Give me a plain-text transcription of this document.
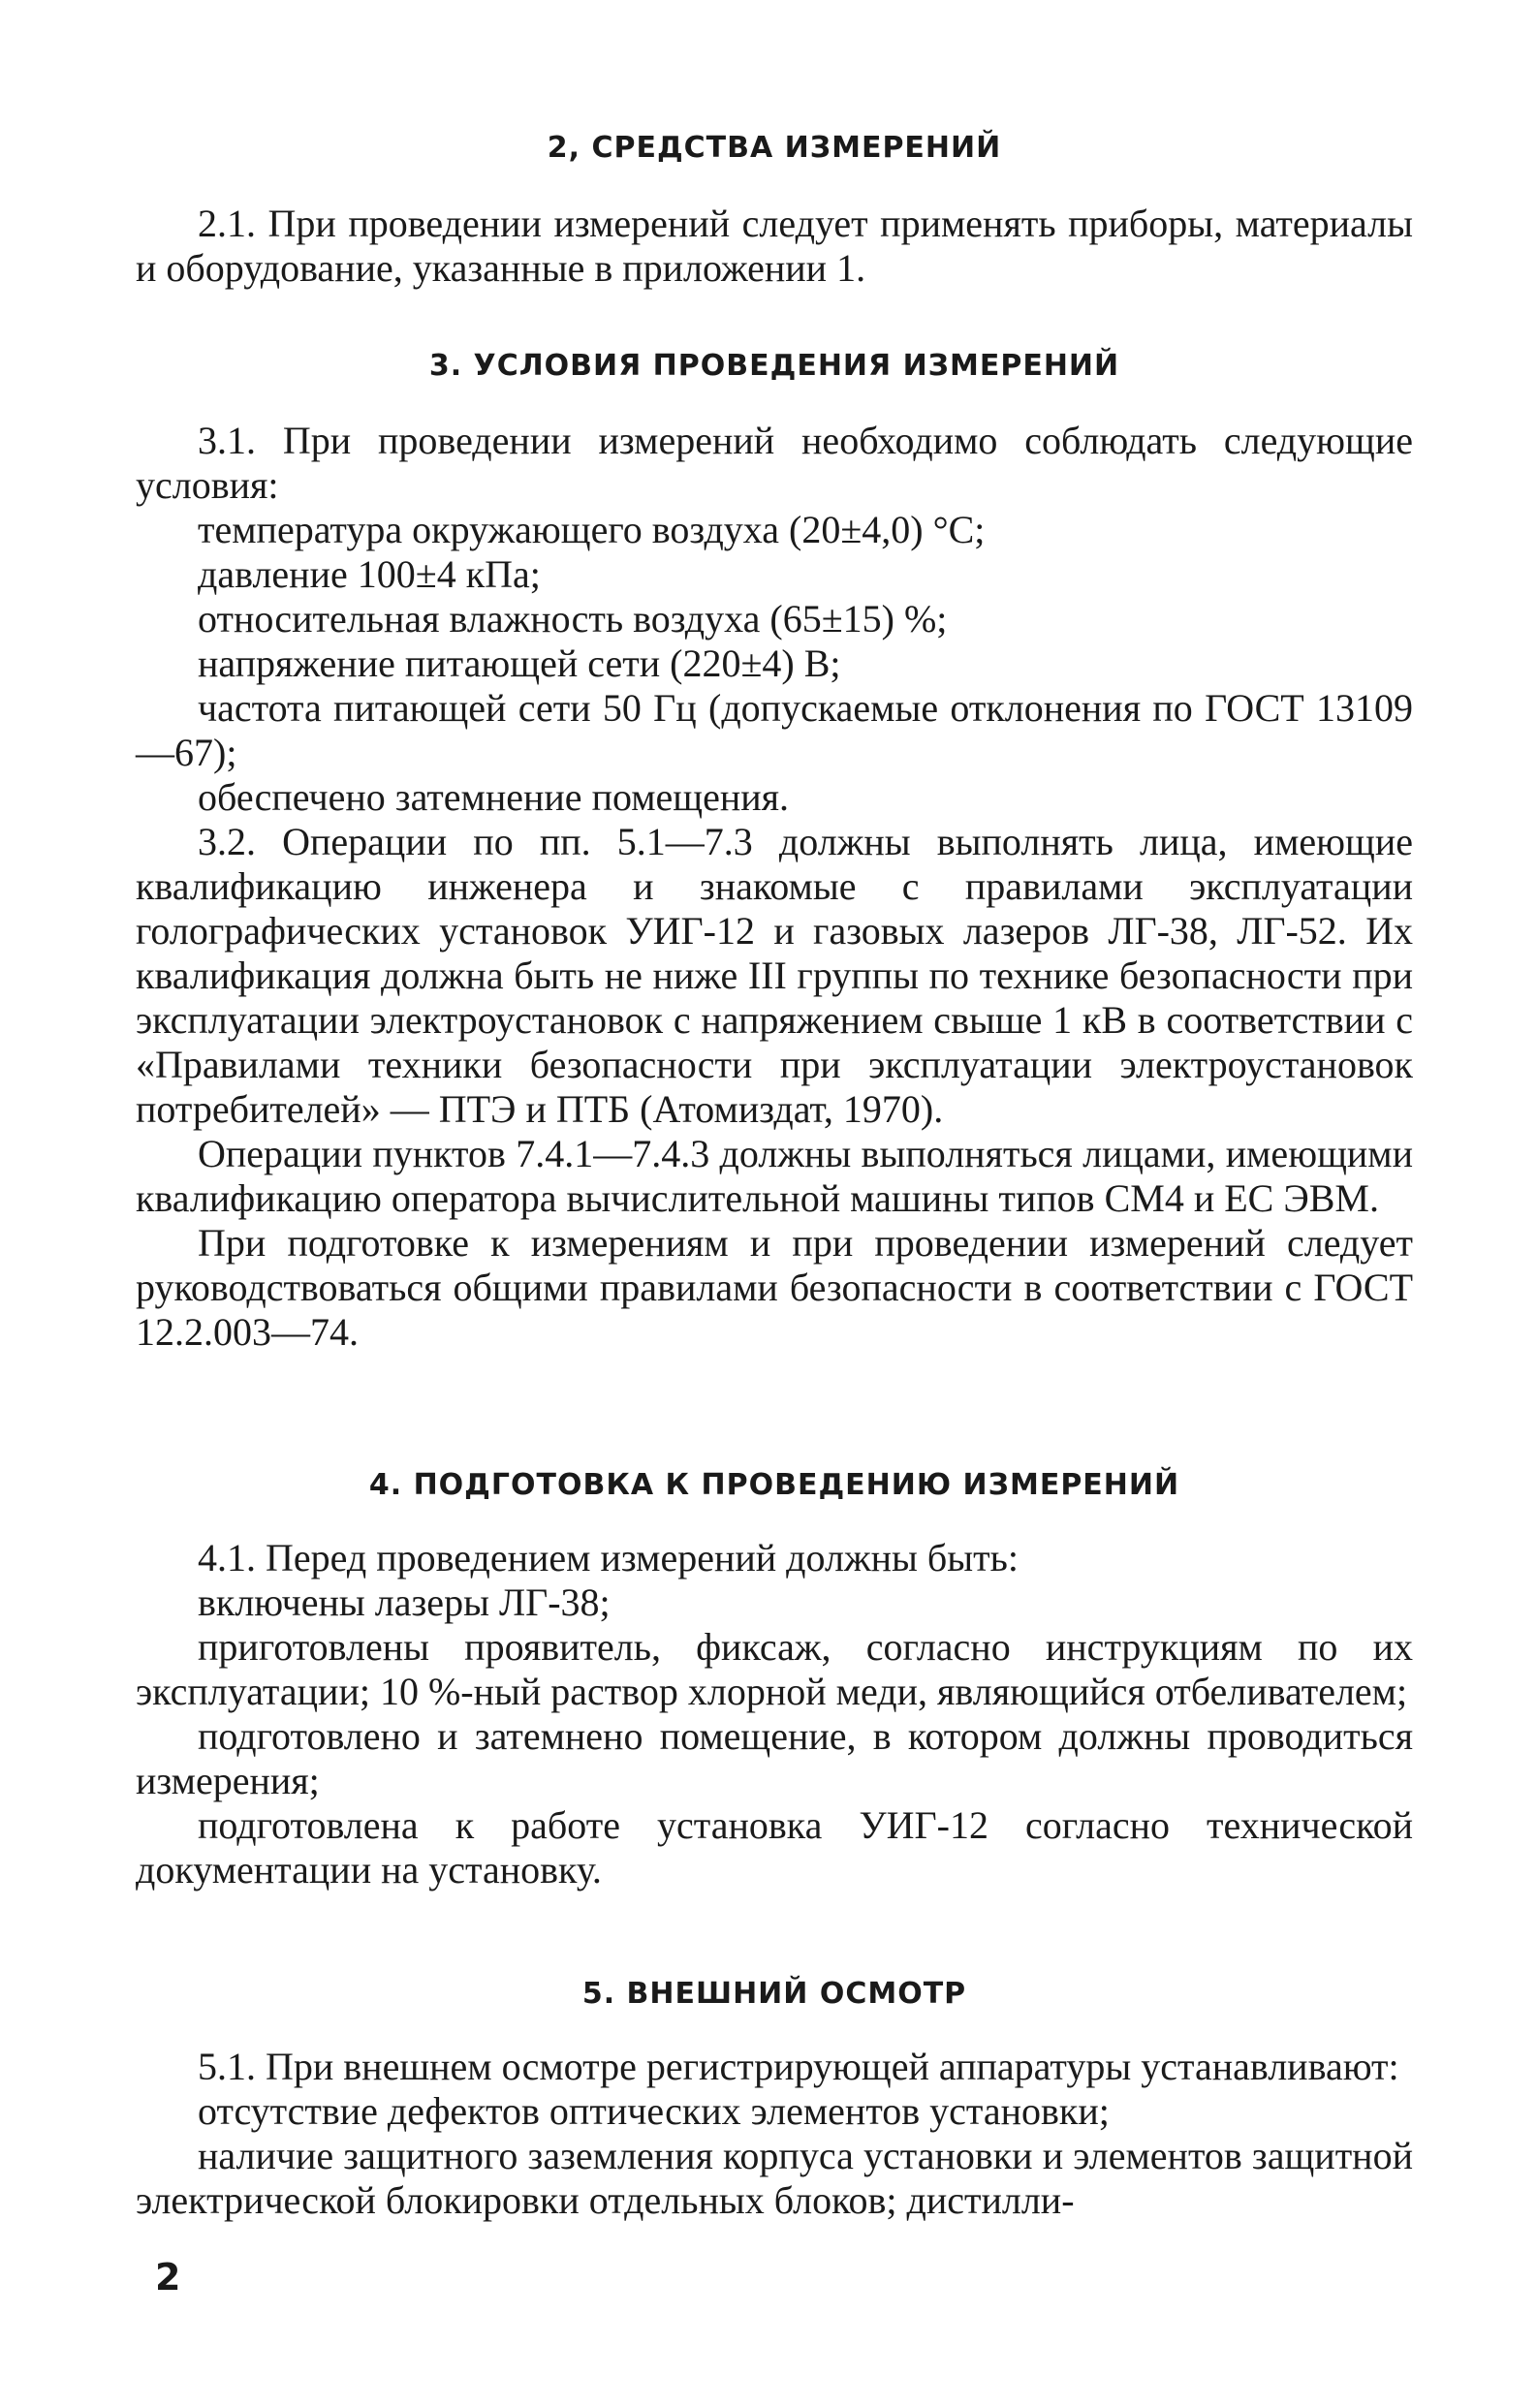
2, СРЕДСТВА ИЗМЕРЕНИЙ

2.1. При проведении измерений следует применять приборы, материалы и оборудование, указанные в приложении 1.

3. УСЛОВИЯ ПРОВЕДЕНИЯ ИЗМЕРЕНИЙ

3.1. При проведении измерений необходимо соблюдать следующие условия:

температура окружающего воздуха (20±4,0) °С;

давление 100±4 кПа;

относительная влажность воздуха (65±15) %;

напряжение питающей сети (220±4) В;

частота питающей сети 50 Гц (допускаемые отклонения по ГОСТ 13109—67);

обеспечено затемнение помещения.

3.2. Операции по пп. 5.1—7.3 должны выполнять лица, имеющие квалификацию инженера и знакомые с правилами эксплуатации голографических установок УИГ-12 и газовых лазеров ЛГ-38, ЛГ-52. Их квалификация должна быть не ниже III группы по технике безопасности при эксплуатации электроустановок с напряжением свыше 1 кВ в соответствии с «Правилами техники безопасности при эксплуатации электроустановок потребителей» — ПТЭ и ПТБ (Атомиздат, 1970).

Операции пунктов 7.4.1—7.4.3 должны выполняться лицами, имеющими квалификацию оператора вычислительной машины типов СМ4 и ЕС ЭВМ.

При подготовке к измерениям и при проведении измерений следует руководствоваться общими правилами безопасности в соответствии с ГОСТ 12.2.003—74.

4. ПОДГОТОВКА К ПРОВЕДЕНИЮ ИЗМЕРЕНИЙ

4.1. Перед проведением измерений должны быть:

включены лазеры ЛГ-38;

приготовлены проявитель, фиксаж, согласно инструкциям по их эксплуатации; 10 %-ный раствор хлорной меди, являющийся отбеливателем;

подготовлено и затемнено помещение, в котором должны проводиться измерения;

подготовлена к работе установка УИГ-12 согласно технической документации на установку.

5. ВНЕШНИЙ ОСМОТР

5.1. При внешнем осмотре регистрирующей аппаратуры устанавливают:

отсутствие дефектов оптических элементов установки;

наличие защитного заземления корпуса установки и элементов защитной электрической блокировки отдельных блоков; дистилли-

2
